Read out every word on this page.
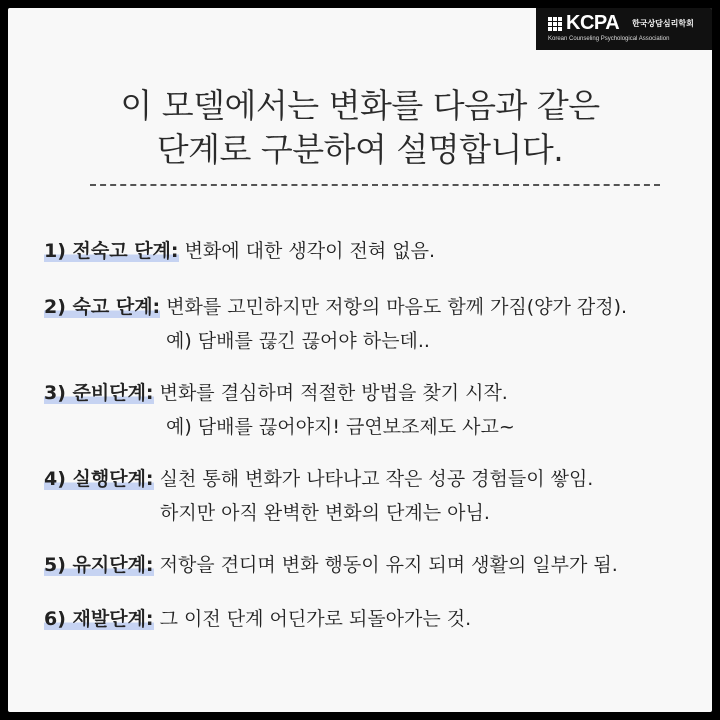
KCPA 한국상담심리학회
Korean Counseling Psychological Association
이 모델에서는 변화를 다음과 같은
단계로 구분하여 설명합니다.
1) 전숙고 단계: 변화에 대한 생각이 전혀 없음.
2) 숙고 단계: 변화를 고민하지만 저항의 마음도 함께 가짐(양가 감정).
예) 담배를 끊긴 끊어야 하는데..
3) 준비단계: 변화를 결심하며 적절한 방법을 찾기 시작.
예) 담배를 끊어야지! 금연보조제도 사고~
4) 실행단계: 실천 통해 변화가 나타나고 작은 성공 경험들이 쌓임.
하지만 아직 완벽한 변화의 단계는 아님.
5) 유지단계: 저항을 견디며 변화 행동이 유지 되며 생활의 일부가 됨.
6) 재발단계: 그 이전 단계 어딘가로 되돌아가는 것.
